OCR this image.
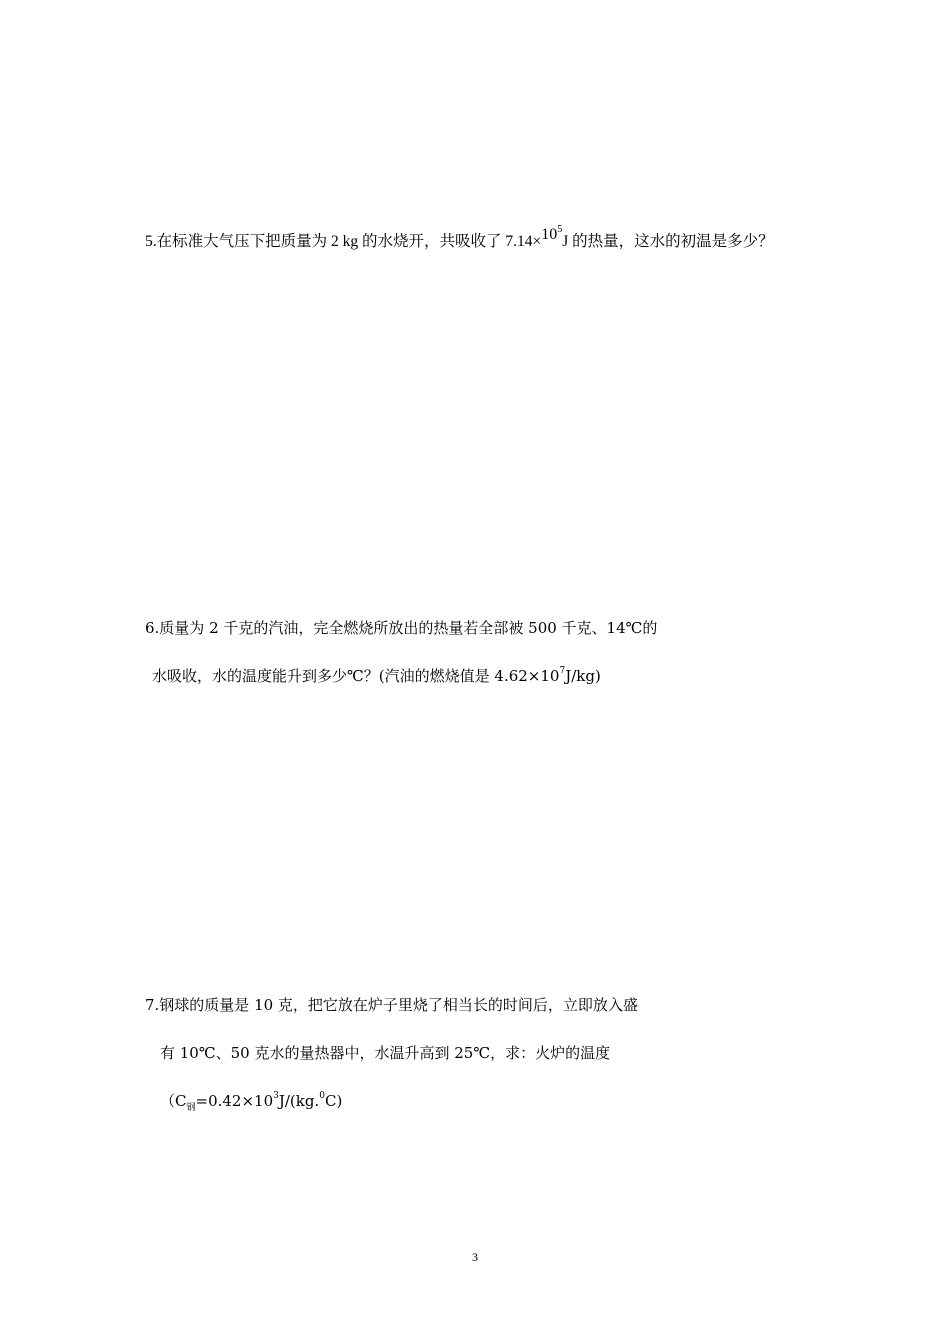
5.在标准大气压下把质量为 2 kg 的水烧开，共吸收了 $7.14\times 10^5J$ 的热量，这水的初温是多少？
6.质量为 2 千克的汽油，完全燃烧所放出的热量若全部被 500 千克、14℃的
水吸收，水的温度能升到多少℃？(汽油的燃烧值是 $4.62\times 10^7J/kg$)
7.钢球的质量是 10 克，把它放在炉子里烧了相当长的时间后，立即放入盛
有 10℃、50 克水的量热器中，水温升高到 25℃，求：火炉的温度
（$C_钢=0.42\times 10^3J/(kg.^0C)$
3
